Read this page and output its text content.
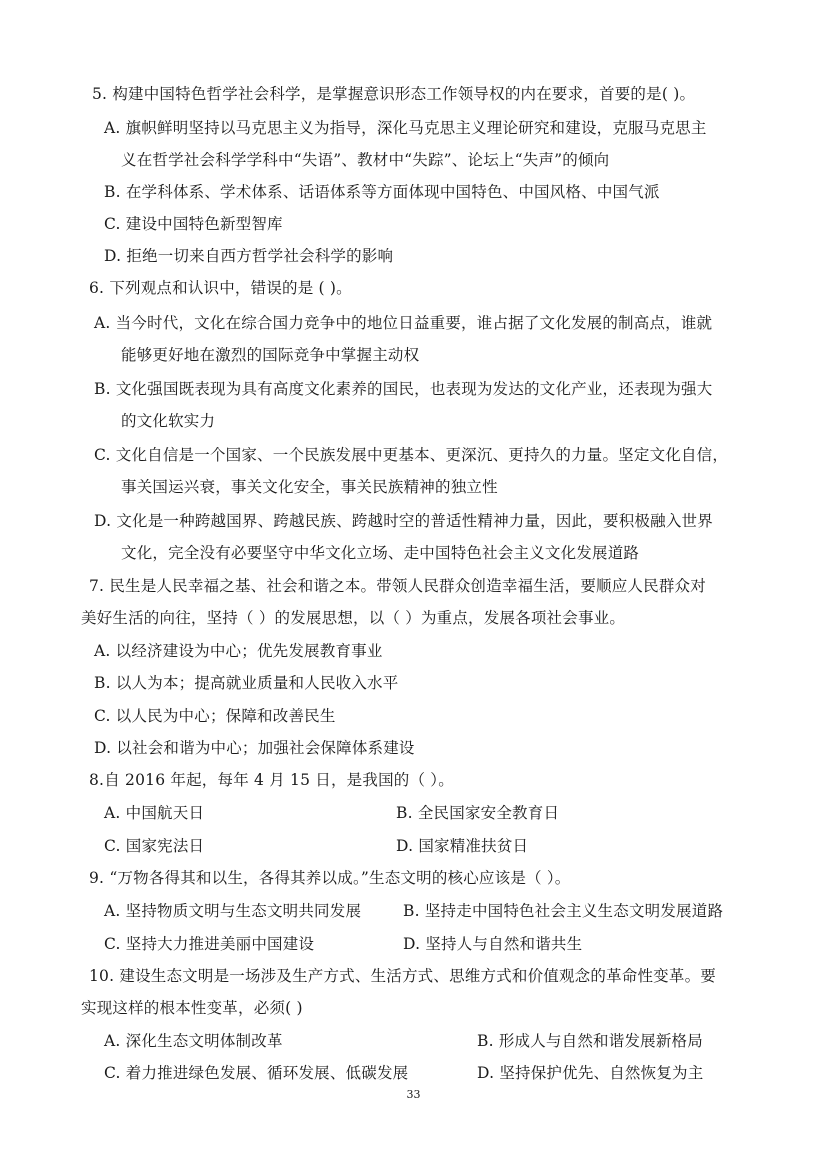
5. 构建中国特色哲学社会科学，是掌握意识形态工作领导权的内在要求，首要的是( )。
A. 旗帜鲜明坚持以马克思主义为指导，深化马克思主义理论研究和建设，克服马克思主
义在哲学社会科学学科中“失语”、教材中“失踪”、论坛上“失声”的倾向
B. 在学科体系、学术体系、话语体系等方面体现中国特色、中国风格、中国气派
C. 建设中国特色新型智库
D. 拒绝一切来自西方哲学社会科学的影响
6. 下列观点和认识中，错误的是 ( )。
A. 当今时代，文化在综合国力竞争中的地位日益重要，谁占据了文化发展的制高点，谁就
能够更好地在激烈的国际竞争中掌握主动权
B. 文化强国既表现为具有高度文化素养的国民，也表现为发达的文化产业，还表现为强大
的文化软实力
C. 文化自信是一个国家、一个民族发展中更基本、更深沉、更持久的力量。坚定文化自信，
事关国运兴衰，事关文化安全，事关民族精神的独立性
D. 文化是一种跨越国界、跨越民族、跨越时空的普适性精神力量，因此，要积极融入世界
文化，完全没有必要坚守中华文化立场、走中国特色社会主义文化发展道路
7. 民生是人民幸福之基、社会和谐之本。带领人民群众创造幸福生活，要顺应人民群众对
美好生活的向往，坚持（ ）的发展思想，以（ ）为重点，发展各项社会事业。
A. 以经济建设为中心；优先发展教育事业
B. 以人为本；提高就业质量和人民收入水平
C. 以人民为中心；保障和改善民生
D. 以社会和谐为中心；加强社会保障体系建设
8.自 2016 年起，每年 4 月 15 日，是我国的（ ）。
A. 中国航天日	B. 全民国家安全教育日
C. 国家宪法日	D. 国家精准扶贫日
9. “万物各得其和以生，各得其养以成。”生态文明的核心应该是（ ）。
A. 坚持物质文明与生态文明共同发展	B. 坚持走中国特色社会主义生态文明发展道路
C. 坚持大力推进美丽中国建设	D. 坚持人与自然和谐共生
10. 建设生态文明是一场涉及生产方式、生活方式、思维方式和价值观念的革命性变革。要
实现这样的根本性变革，必须( )
A. 深化生态文明体制改革	B. 形成人与自然和谐发展新格局
C. 着力推进绿色发展、循环发展、低碳发展	D. 坚持保护优先、自然恢复为主
33
